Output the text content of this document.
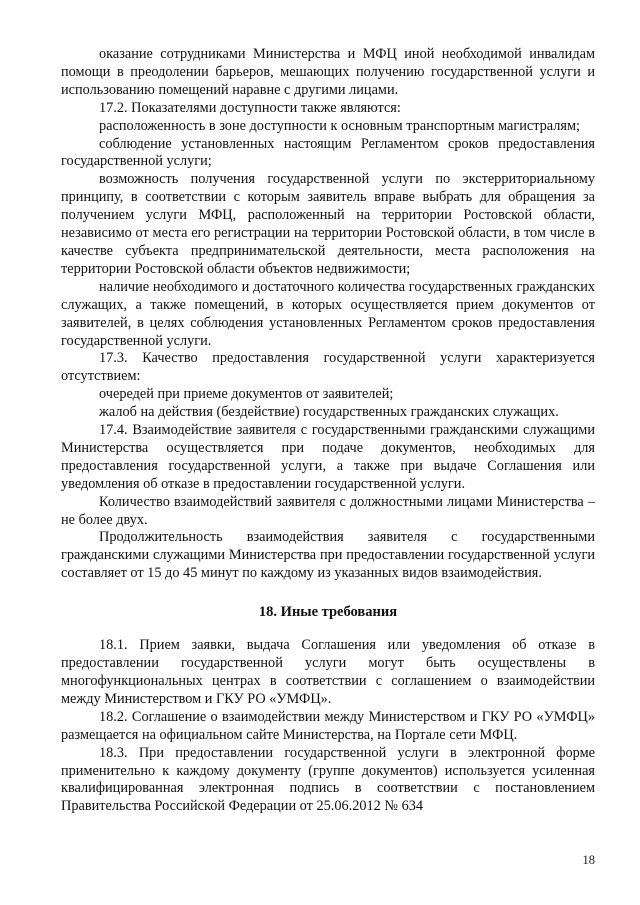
оказание сотрудниками Министерства и МФЦ иной необходимой инвалидам помощи в преодолении барьеров, мешающих получению государственной услуги и использованию помещений наравне с другими лицами.

17.2. Показателями доступности также являются:

расположенность в зоне доступности к основным транспортным магистралям;

соблюдение установленных настоящим Регламентом сроков предоставления государственной услуги;

возможность получения государственной услуги по экстерриториальному принципу, в соответствии с которым заявитель вправе выбрать для обращения за получением услуги МФЦ, расположенный на территории Ростовской области, независимо от места его регистрации на территории Ростовской области, в том числе в качестве субъекта предпринимательской деятельности, места расположения на территории Ростовской области объектов недвижимости;

наличие необходимого и достаточного количества государственных гражданских служащих, а также помещений, в которых осуществляется прием документов от заявителей, в целях соблюдения установленных Регламентом сроков предоставления государственной услуги.

17.3. Качество предоставления государственной услуги характеризуется отсутствием:

очередей при приеме документов от заявителей;

жалоб на действия (бездействие) государственных гражданских служащих.

17.4. Взаимодействие заявителя с государственными гражданскими служащими Министерства осуществляется при подаче документов, необходимых для предоставления государственной услуги, а также при выдаче Соглашения или уведомления об отказе в предоставлении государственной услуги.

Количество взаимодействий заявителя с должностными лицами Министерства – не более двух.

Продолжительность взаимодействия заявителя с государственными гражданскими служащими Министерства при предоставлении государственной услуги составляет от 15 до 45 минут по каждому из указанных видов взаимодействия.

18. Иные требования

18.1. Прием заявки, выдача Соглашения или уведомления об отказе в предоставлении государственной услуги могут быть осуществлены в многофункциональных центрах в соответствии с соглашением о взаимодействии между Министерством и ГКУ РО «УМФЦ».

18.2. Соглашение о взаимодействии между Министерством и ГКУ РО «УМФЦ» размещается на официальном сайте Министерства, на Портале сети МФЦ.

18.3. При предоставлении государственной услуги в электронной форме применительно к каждому документу (группе документов) используется усиленная квалифицированная электронная подпись в соответствии с постановлением Правительства Российской Федерации от 25.06.2012 № 634

18
